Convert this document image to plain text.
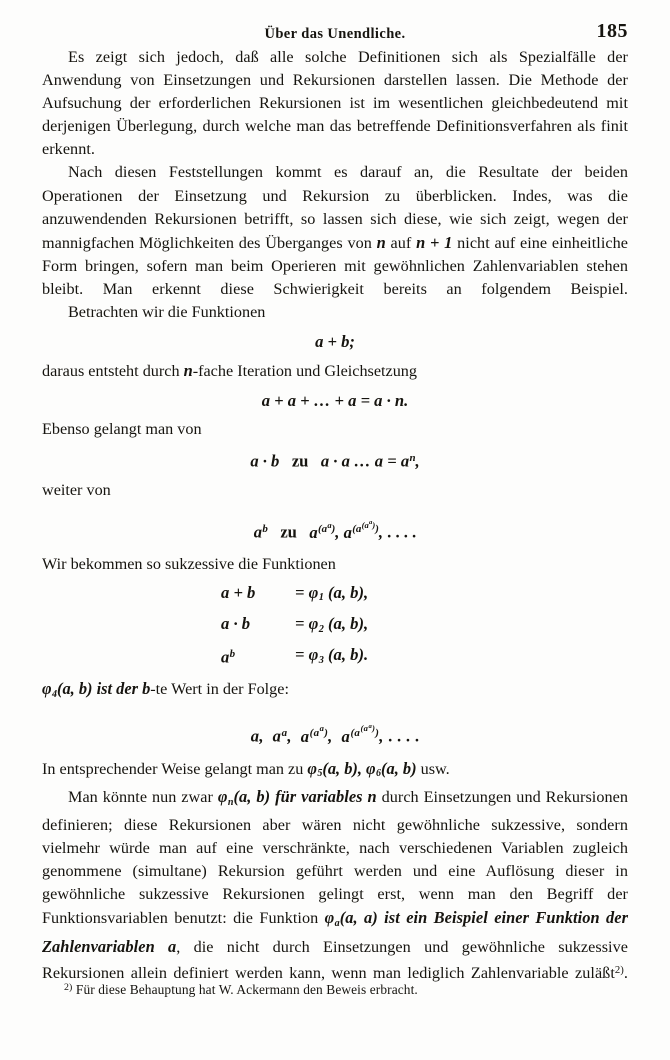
Über das Unendliche.	185

Es zeigt sich jedoch, daß alle solche Definitionen sich als Spezialfälle der Anwendung von Einsetzungen und Rekursionen darstellen lassen. Die Methode der Aufsuchung der erforderlichen Rekursionen ist im wesentlichen gleichbedeutend mit derjenigen Überlegung, durch welche man das betreffende Definitionsverfahren als finit erkennt.

Nach diesen Feststellungen kommt es darauf an, die Resultate der beiden Operationen der Einsetzung und Rekursion zu überblicken. Indes, was die anzuwendenden Rekursionen betrifft, so lassen sich diese, wie sich zeigt, wegen der mannigfachen Möglichkeiten des Überganges von n auf n + 1 nicht auf eine einheitliche Form bringen, sofern man beim Operieren mit gewöhnlichen Zahlenvariablen stehen bleibt. Man erkennt diese Schwierigkeit bereits an folgendem Beispiel.

Betrachten wir die Funktionen

a + b;

daraus entsteht durch n-fache Iteration und Gleichsetzung

a + a + … + a = a · n.

Ebenso gelangt man von

a · b zu a · a … $a = a^n$,

weiter von

$a^b$ zu $a^{(a^a)}$, $a^{(a^{(a^a)})}$, . . . .

Wir bekommen so sukzessive die Funktionen

a + b	= $\varphi_1$ (a, b),
a · b	= $\varphi_2$ (a, b),
$a^b$	= $\varphi_3$ (a, b).

$\varphi_4(a$, b) ist der b-te Wert in der Folge:

a,  $a^a$,  $a^{(a^a)}$,  $a^{(a^{(a^a)})}$, . . . .

In entsprechender Weise gelangt man zu $\varphi_5(a$, b), $\varphi_6(a$, b) usw.

Man könnte nun zwar $\varphi_n(a$, b) für variables n durch Einsetzungen und Rekursionen definieren; diese Rekursionen aber wären nicht gewöhnliche sukzessive, sondern vielmehr würde man auf eine verschränkte, nach verschiedenen Variablen zugleich genommene (simultane) Rekursion geführt werden und eine Auflösung dieser in gewöhnliche sukzessive Rekursionen gelingt erst, wenn man den Begriff der Funktionsvariablen benutzt: die Funktion $\varphi_a(a$, a) ist ein Beispiel einer Funktion der Zahlenvariablen a, die nicht durch Einsetzungen und gewöhnliche sukzessive Rekursionen allein definiert werden kann, wenn man lediglich Zahlenvariable zuläßt$^{2)}$.

$^{2)}$ Für diese Behauptung hat W. Ackermann den Beweis erbracht.
